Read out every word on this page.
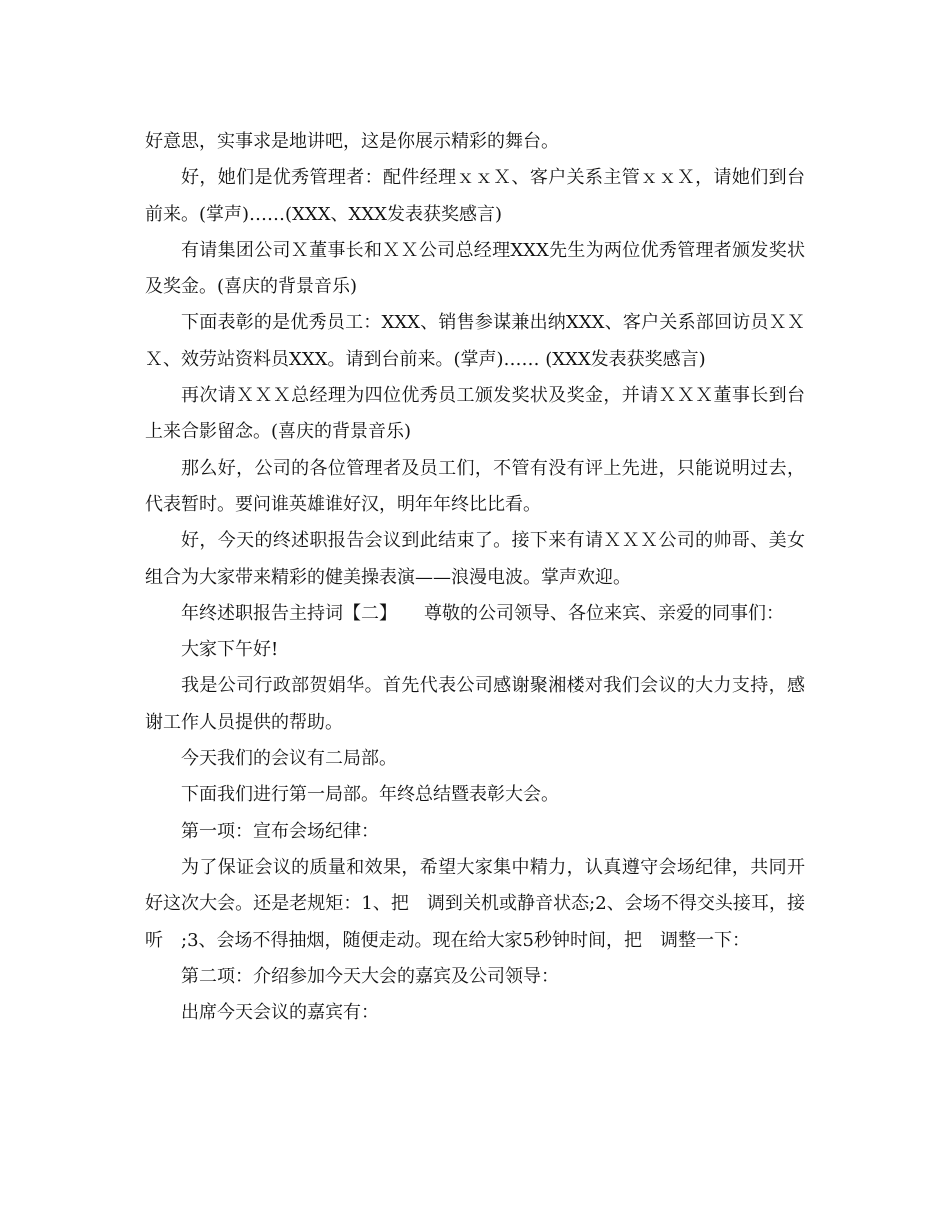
好意思，实事求是地讲吧，这是你展示精彩的舞台。

好，她们是优秀管理者：配件经理ｘｘＸ、客户关系主管ｘｘＸ，请她们到台前来。(掌声)……(XXX、XXX发表获奖感言)

有请集团公司Ｘ董事长和ＸＸ公司总经理XXX先生为两位优秀管理者颁发奖状及奖金。(喜庆的背景音乐)

下面表彰的是优秀员工：XXX、销售参谋兼出纳XXX、客户关系部回访员ＸＸＸ、效劳站资料员XXX。请到台前来。(掌声)…… (XXX发表获奖感言)

再次请ＸＸＸ总经理为四位优秀员工颁发奖状及奖金，并请ＸＸＸ董事长到台上来合影留念。(喜庆的背景音乐)

那么好，公司的各位管理者及员工们，不管有没有评上先进，只能说明过去，代表暂时。要问谁英雄谁好汉，明年年终比比看。

好，今天的终述职报告会议到此结束了。接下来有请ＸＸＸ公司的帅哥、美女组合为大家带来精彩的健美操表演——浪漫电波。掌声欢迎。

年终述职报告主持词【二】　　尊敬的公司领导、各位来宾、亲爱的同事们：

大家下午好!

我是公司行政部贺娟华。首先代表公司感谢聚湘楼对我们会议的大力支持，感谢工作人员提供的帮助。

今天我们的会议有二局部。

下面我们进行第一局部。年终总结暨表彰大会。

第一项：宣布会场纪律：

为了保证会议的质量和效果，希望大家集中精力，认真遵守会场纪律，共同开好这次大会。还是老规矩：1、把　调到关机或静音状态;2、会场不得交头接耳，接听　;3、会场不得抽烟，随便走动。现在给大家5秒钟时间，把　调整一下：

第二项：介绍参加今天大会的嘉宾及公司领导：

出席今天会议的嘉宾有：
